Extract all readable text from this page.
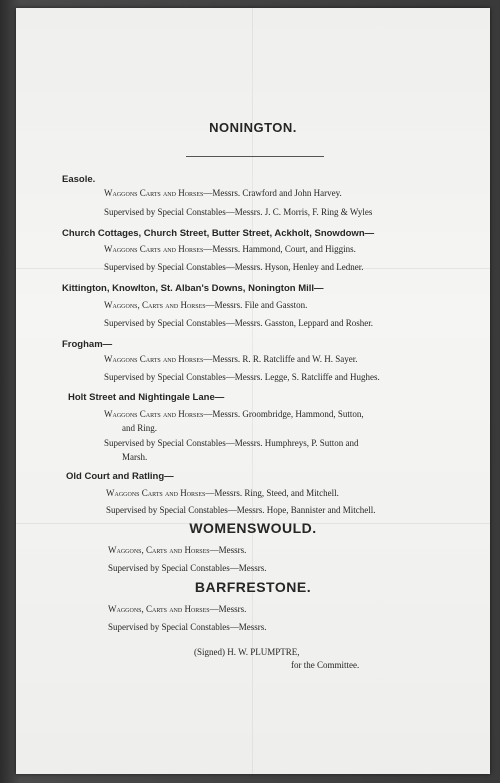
NONINGTON.
Easole.
Waggons Carts and Horses—Messrs. Crawford and John Harvey.
Supervised by Special Constables—Messrs. J. C. Morris, F. Ring & Wyles
Church Cottages, Church Street, Butter Street, Ackholt, Snowdown—
Waggons Carts and Horses—Messrs. Hammond, Court, and Higgins.
Supervised by Special Constables—Messrs. Hyson, Henley and Ledner.
Kittington, Knowlton, St. Alban's Downs, Nonington Mill—
Waggons, Carts and Horses—Messrs. File and Gasston.
Supervised by Special Constables—Messrs. Gasston, Leppard and Rosher.
Frogham—
Waggons Carts and Horses—Messrs. R. R. Ratcliffe and W. H. Sayer.
Supervised by Special Constables—Messrs. Legge, S. Ratcliffe and Hughes.
Holt Street and Nightingale Lane—
Waggons Carts and Horses—Messrs. Groombridge, Hammond, Sutton,
and Ring.
Supervised by Special Constables—Messrs. Humphreys, P. Sutton and
Marsh.
Old Court and Ratling—
Waggons Carts and Horses—Messrs. Ring, Steed, and Mitchell.
Supervised by Special Constables—Messrs. Hope, Bannister and Mitchell.
WOMENSWOULD.
Waggons, Carts and Horses—Messrs.
Supervised by Special Constables—Messrs.
BARFRESTONE.
Waggons, Carts and Horses—Messrs.
Supervised by Special Constables—Messrs.
(Signed) H. W. PLUMPTRE,
for the Committee.
